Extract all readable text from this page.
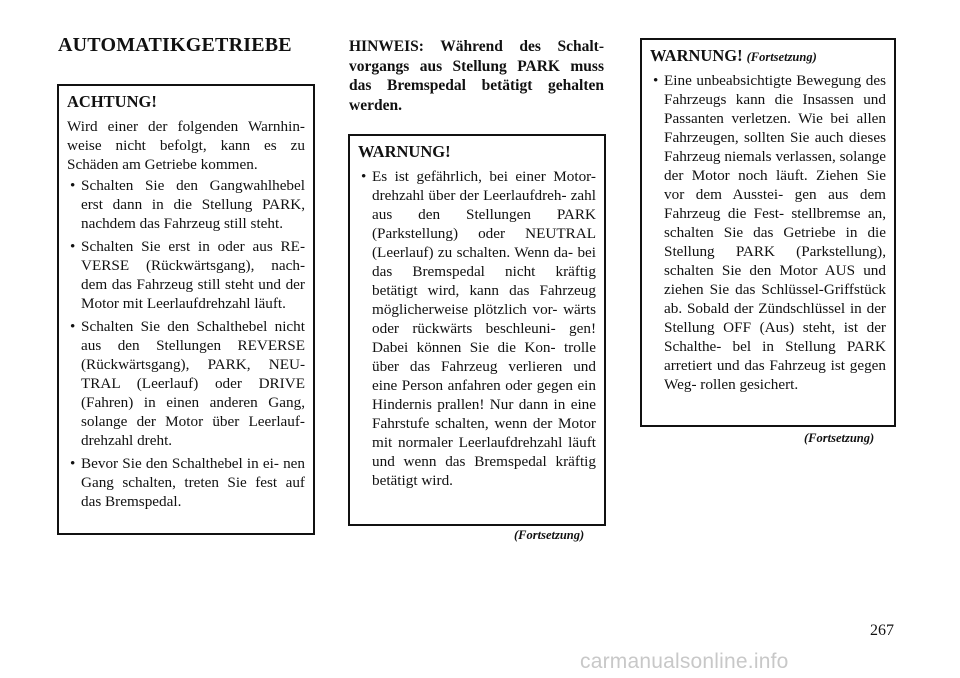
AUTOMATIKGETRIEBE
ACHTUNG!

Wird einer der folgenden Warnhin- weise nicht befolgt, kann es zu Schäden am Getriebe kommen.

• Schalten Sie den Gangwahlhebel erst dann in die Stellung PARK, nachdem das Fahrzeug still steht.
• Schalten Sie erst in oder aus RE- VERSE (Rückwärtsgang), nach- dem das Fahrzeug still steht und der Motor mit Leerlaufdrehzahl läuft.
• Schalten Sie den Schalthebel nicht aus den Stellungen REVERSE (Rückwärtsgang), PARK, NEU- TRAL (Leerlauf) oder DRIVE (Fahren) in einen anderen Gang, solange der Motor über Leerlauf- drehzahl dreht.
• Bevor Sie den Schalthebel in ei- nen Gang schalten, treten Sie fest auf das Bremspedal.
HINWEIS: Während des Schalt- vorgangs aus Stellung PARK muss das Bremspedal betätigt gehalten werden.
WARNUNG!
• Es ist gefährlich, bei einer Motor- drehzahl über der Leerlaufdreh- zahl aus den Stellungen PARK (Parkstellung) oder NEUTRAL (Leerlauf) zu schalten. Wenn da- bei das Bremspedal nicht kräftig betätigt wird, kann das Fahrzeug möglicherweise plötzlich vor- wärts oder rückwärts beschleuni- gen! Dabei können Sie die Kon- trolle über das Fahrzeug verlieren und eine Person anfahren oder gegen ein Hindernis prallen! Nur dann in eine Fahrstufe schalten, wenn der Motor mit normaler Leerlaufdrehzahl läuft und wenn das Bremspedal kräftig betätigt wird.
(Fortsetzung)
WARNUNG! (Fortsetzung)
• Eine unbeabsichtigte Bewegung des Fahrzeugs kann die Insassen und Passanten verletzen. Wie bei allen Fahrzeugen, sollten Sie auch dieses Fahrzeug niemals verlassen, solange der Motor noch läuft. Ziehen Sie vor dem Ausstei- gen aus dem Fahrzeug die Fest- stellbremse an, schalten Sie das Getriebe in die Stellung PARK (Parkstellung), schalten Sie den Motor AUS und ziehen Sie das Schlüssel-Griffstück ab. Sobald der Zündschlüssel in der Stellung OFF (Aus) steht, ist der Schalthe- bel in Stellung PARK arretiert und das Fahrzeug ist gegen Weg- rollen gesichert.
(Fortsetzung)
267
carmanualsonline.info
